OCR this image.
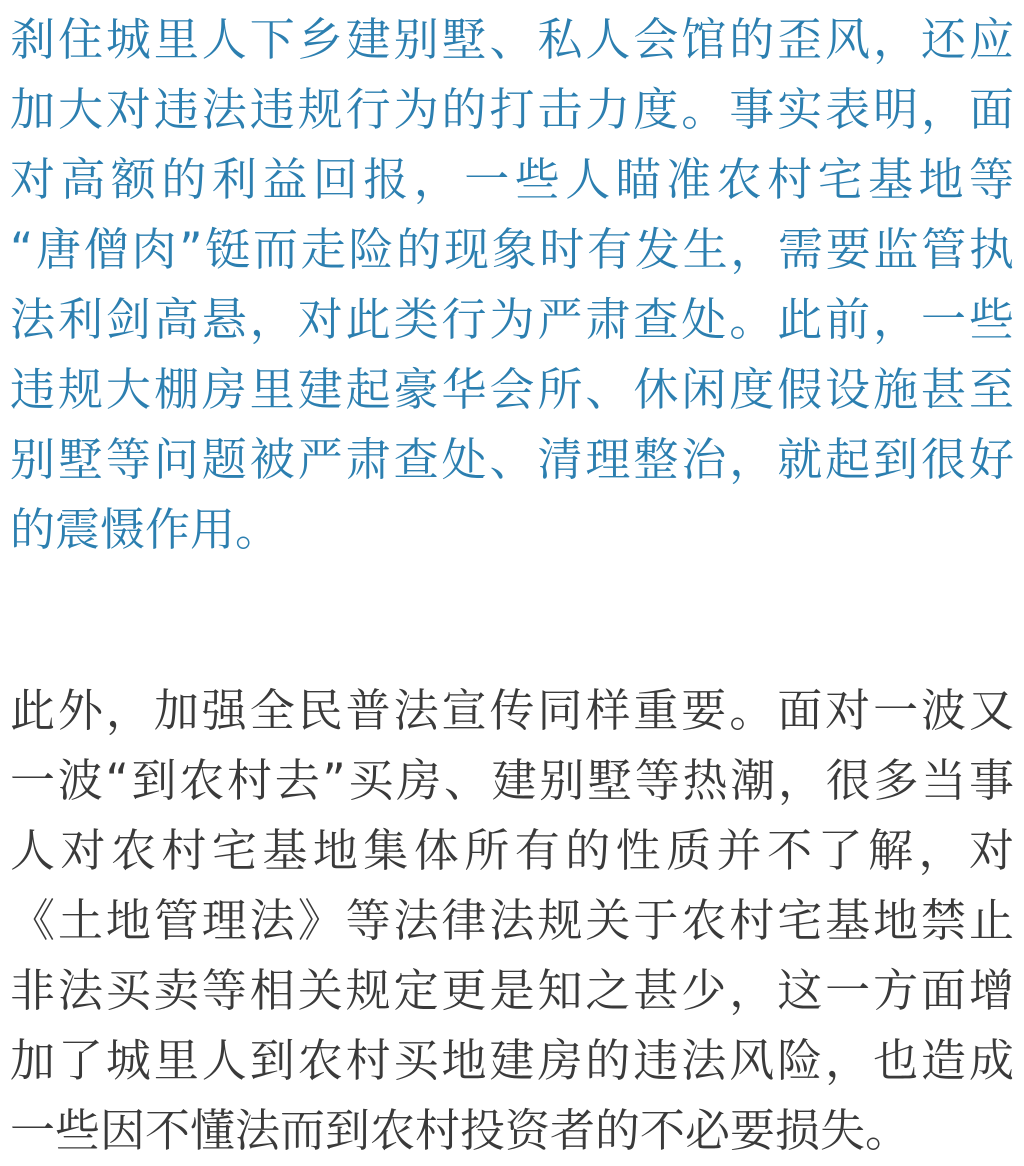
刹住城里人下乡建别墅、私人会馆的歪风，还应
加大对违法违规行为的打击力度。事实表明，面
对高额的利益回报，一些人瞄准农村宅基地等
“唐僧肉”铤而走险的现象时有发生，需要监管执
法利剑高悬，对此类行为严肃查处。此前，一些
违规大棚房里建起豪华会所、休闲度假设施甚至
别墅等问题被严肃查处、清理整治，就起到很好
的震慑作用。
此外，加强全民普法宣传同样重要。面对一波又
一波“到农村去”买房、建别墅等热潮，很多当事
人对农村宅基地集体所有的性质并不了解，对
《土地管理法》等法律法规关于农村宅基地禁止
非法买卖等相关规定更是知之甚少，这一方面增
加了城里人到农村买地建房的违法风险，也造成
一些因不懂法而到农村投资者的不必要损失。
